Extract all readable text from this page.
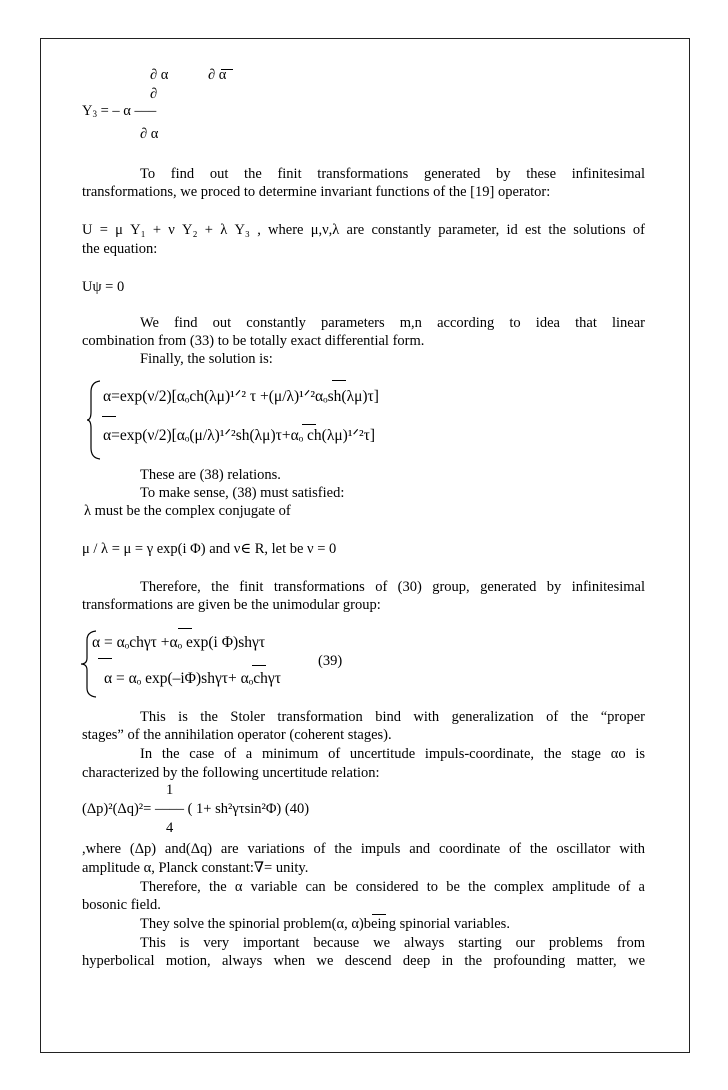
∂ α	∂ α
∂
$Y_3$ = – α –––
∂ α
To find out the finit transformations generated by these infinitesimal
transformations, we proced to determine invariant functions of the [19] operator:
U = μ Y₁ + ν Y₂ + λ Y₃ , where μ,ν,λ are constantly parameter, id est the solutions of
the equation:
Uψ = 0
We find out constantly parameters m,n according to idea that linear
combination from (33) to be totally exact differential form.
Finally, the solution is:
α=exp(ν/2)[αₒch(λμ)¹ᐟ² τ +(μ/λ)¹ᐟ²αₒsh(λμ)τ]
α=exp(ν/2)[αₒ(μ/λ)¹ᐟ²sh(λμ)τ+αₒ ch(λμ)¹ᐟ²τ]
These are (38) relations.
To make sense, (38) must satisfied:
λ must be the complex conjugate of
μ / λ = μ = γ exp(i Φ) and ν∈ R, let be ν = 0
Therefore, the finit transformations of (30) group, generated by infinitesimal
transformations are given be the unimodular group:
α = αₒchγτ +αₒ exp(i Φ)shγτ
(39)
α = αₒ exp(–iΦ)shγτ+ αₒchγτ
This is the Stoler transformation bind with generalization of the “proper
stages” of the annihilation operator (coherent stages).
In the case of a minimum of uncertitude impuls-coordinate, the stage αo is
characterized by the following uncertitude relation:
1
(Δp)²(Δq)²= –––– ( 1+ sh²γτsin²Φ) (40)
4
,where (Δp) and(Δq) are variations of the impuls and coordinate of the oscillator with
amplitude α, Planck constant:∇= unity.
Therefore, the α variable can be considered to be the complex amplitude of a
bosonic field.
They solve the spinorial problem(α, α)being spinorial variables.
This is very important because we always starting our problems from
hyperbolical motion, always when we descend deep in the profounding matter, we
